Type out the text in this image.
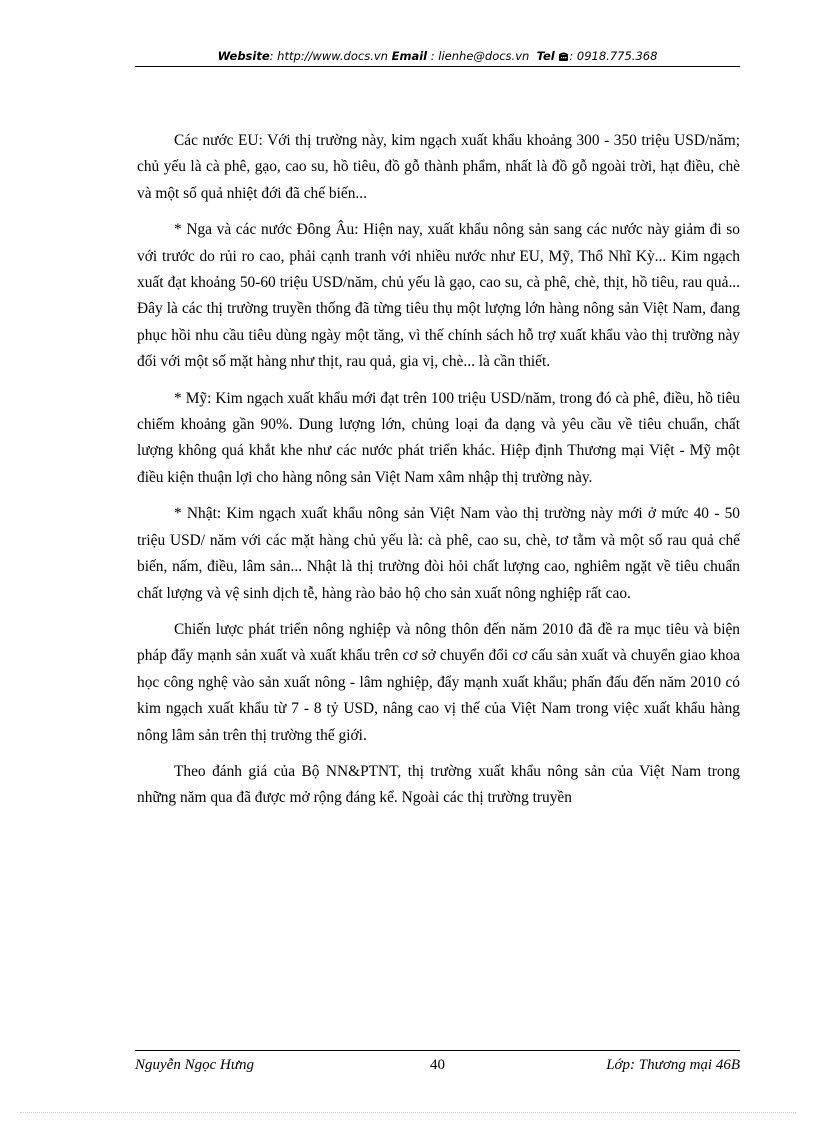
Website: http://www.docs.vn Email : lienhe@docs.vn Tel : 0918.775.368

Các nước EU: Với thị trường này, kim ngạch xuất khẩu khoảng 300 - 350 triệu USD/năm; chủ yếu là cà phê, gạo, cao su, hồ tiêu, đồ gỗ thành phẩm, nhất là đồ gỗ ngoài trời, hạt điều, chè và một số quả nhiệt đới đã chế biến...

* Nga và các nước Đông Âu: Hiện nay, xuất khẩu nông sản sang các nước này giảm đi so với trước do rủi ro cao, phải cạnh tranh với nhiều nước như EU, Mỹ, Thổ Nhĩ Kỳ... Kim ngạch xuất đạt khoảng 50-60 triệu USD/năm, chủ yếu là gạo, cao su, cà phê, chè, thịt, hồ tiêu, rau quả... Đây là các thị trường truyền thống đã từng tiêu thụ một lượng lớn hàng nông sản Việt Nam, đang phục hồi nhu cầu tiêu dùng ngày một tăng, vì thế chính sách hỗ trợ xuất khẩu vào thị trường này đối với một số mặt hàng như thịt, rau quả, gia vị, chè... là cần thiết.

* Mỹ: Kim ngạch xuất khẩu mới đạt trên 100 triệu USD/năm, trong đó cà phê, điều, hồ tiêu chiếm khoảng gần 90%. Dung lượng lớn, chủng loại đa dạng và yêu cầu về tiêu chuẩn, chất lượng không quá khắt khe như các nước phát triển khác. Hiệp định Thương mại Việt - Mỹ một điều kiện thuận lợi cho hàng nông sản Việt Nam xâm nhập thị trường này.

* Nhật: Kim ngạch xuất khẩu nông sản Việt Nam vào thị trường này mới ở mức 40 - 50 triệu USD/ năm với các mặt hàng chủ yếu là: cà phê, cao su, chè, tơ tằm và một số rau quả chế biến, nấm, điều, lâm sản... Nhật là thị trường đòi hỏi chất lượng cao, nghiêm ngặt về tiêu chuẩn chất lượng và vệ sinh dịch tễ, hàng rào bảo hộ cho sản xuất nông nghiệp rất cao.

Chiến lược phát triển nông nghiệp và nông thôn đến năm 2010 đã đề ra mục tiêu và biện pháp đẩy mạnh sản xuất và xuất khẩu trên cơ sở chuyển đổi cơ cấu sản xuất và chuyển giao khoa học công nghệ vào sản xuất nông - lâm nghiệp, đẩy mạnh xuất khẩu; phấn đấu đến năm 2010 có kim ngạch xuất khẩu từ 7 - 8 tỷ USD, nâng cao vị thế của Việt Nam trong việc xuất khẩu hàng nông lâm sản trên thị trường thế giới.

Theo đánh giá của Bộ NN&PTNT, thị trường xuất khẩu nông sản của Việt Nam trong những năm qua đã được mở rộng đáng kể. Ngoài các thị trường truyền

Nguyễn Ngọc Hưng	40	Lớp: Thương mại 46B
